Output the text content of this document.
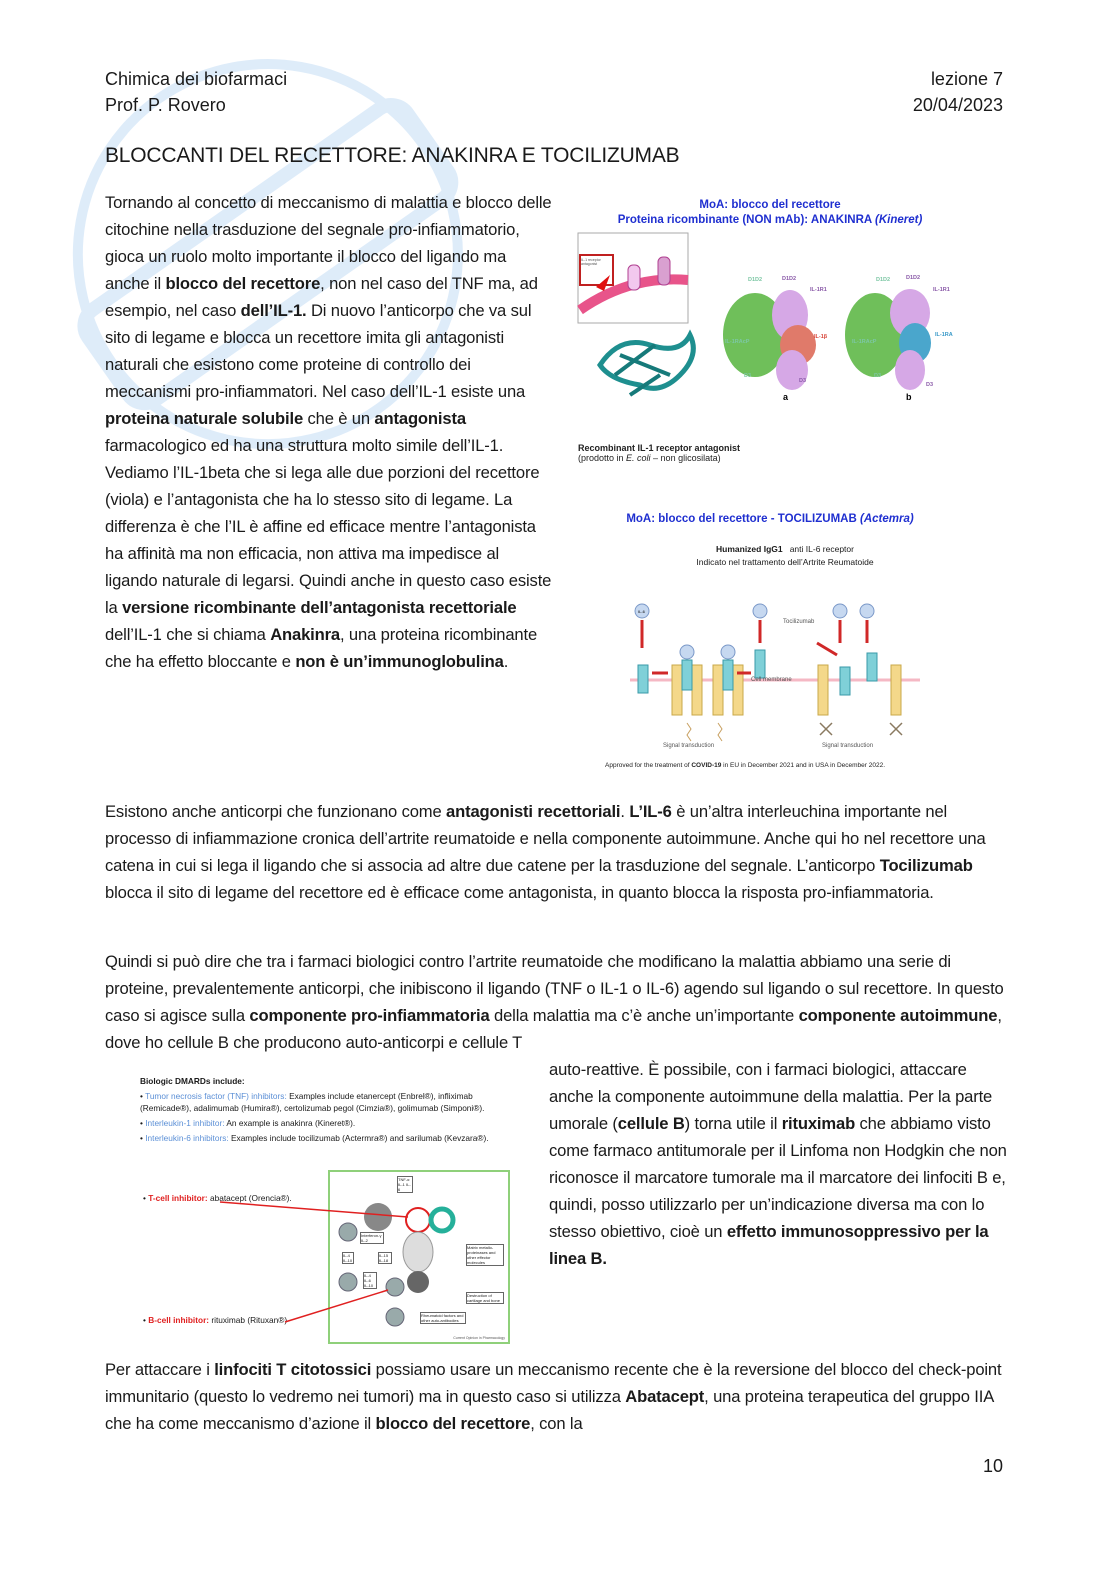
Chimica dei biofarmaci
Prof. P. Rovero
lezione 7
20/04/2023
BLOCCANTI DEL RECETTORE: ANAKINRA E TOCILIZUMAB

Tornando al concetto di meccanismo di malattia e blocco delle citochine nella trasduzione del segnale pro-infiammatorio, gioca un ruolo molto importante il blocco del ligando ma anche il blocco del recettore, non nel caso del TNF ma, ad esempio, nel caso dell’IL-1. Di nuovo l’anticorpo che va sul sito di legame e blocca un recettore imita gli antagonisti naturali che esistono come proteine di controllo dei meccanismi pro-infiammatori. Nel caso dell’IL-1 esiste una proteina naturale solubile che è un antagonista farmacologico ed ha una struttura molto simile dell’IL-1. Vediamo l’IL-1beta che si lega alle due porzioni del recettore (viola) e l’antagonista che ha lo stesso sito di legame. La differenza è che l’IL è affine ed efficace mentre l’antagonista ha affinità ma non efficacia, non attiva ma impedisce al ligando naturale di legarsi. Quindi anche in questo caso esiste la versione ricombinante dell’antagonista recettoriale dell’IL-1 che si chiama Anakinra, una proteina ricombinante che ha effetto bloccante e non è un’immunoglobulina.

MoA: blocco del recettore
Proteina ricombinante (NON mAb): ANAKINRA (Kineret)
a	b
IL-1 receptor antagonist
D1D2	D1D2
IL-1R1
IL-1β
IL-1RAcP
D3
D3
D1D2	D1D2
IL-1R1
IL-1RA
IL-1RAcP
D3
D3
Recombinant IL-1 receptor antagonist
(prodotto in E. coli – non glicosilata)
MoA: blocco del recettore - TOCILIZUMAB (Actemra)
Humanized IgG1 anti IL-6 receptor
Indicato nel trattamento dell’Artrite Reumatoide
IL-6
Tocilizumab
Cell membrane
Signal transduction	Signal transduction
Approved for the treatment of COVID-19 in EU in December 2021 and in USA in December 2022.

Esistono anche anticorpi che funzionano come antagonisti recettoriali. L’IL-6 è un’altra interleuchina importante nel processo di infiammazione cronica dell’artrite reumatoide e nella componente autoimmune. Anche qui ho nel recettore una catena in cui si lega il ligando che si associa ad altre due catene per la trasduzione del segnale. L’anticorpo Tocilizumab blocca il sito di legame del recettore ed è efficace come antagonista, in quanto blocca la risposta pro-infiammatoria.

Quindi si può dire che tra i farmaci biologici contro l’artrite reumatoide che modificano la malattia abbiamo una serie di proteine, prevalentemente anticorpi, che inibiscono il ligando (TNF o IL-1 o IL-6) agendo sul ligando o sul recettore. In questo caso si agisce sulla componente pro-infiammatoria della malattia ma c’è anche un’importante componente autoimmune, dove ho cellule B che producono auto-anticorpi e cellule T

Biologic DMARDs include:
• Tumor necrosis factor (TNF) inhibitors: Examples include etanercept (Enbrel®), infliximab (Remicade®), adalimumab (Humira®), certolizumab pegol (Cimzia®), golimumab (Simponi®).
• Interleukin-1 inhibitor: An example is anakinra (Kineret®).
• Interleukin-6 inhibitors: Examples include tocilizumab (Actermra®) and sarilumab (Kevzara®).
• T-cell inhibitor: abatacept (Orencia®).
• B-cell inhibitor: rituximab (Rituxan®)
TNF-α IL-1 IL-6
Interferon-γ IL-2
IL-4 IL-10
IL-15 IL-18
IL-4 IL-6 IL-10
Matrix metallo-proteinases and other effector molecules
Destruction of cartilage and bone
Rheumatoid factors and other auto-antibodies
Current Opinion in Pharmacology

auto-reattive. È possibile, con i farmaci biologici, attaccare anche la componente autoimmune della malattia. Per la parte umorale (cellule B) torna utile il rituximab che abbiamo visto come farmaco antitumorale per il Linfoma non Hodgkin che non riconosce il marcatore tumorale ma il marcatore dei linfociti B e, quindi, posso utilizzarlo per un’indicazione diversa ma con lo stesso obiettivo, cioè un effetto immunosoppressivo per la linea B.

Per attaccare i linfociti T citotossici possiamo usare un meccanismo recente che è la reversione del blocco del check-point immunitario (questo lo vedremo nei tumori) ma in questo caso si utilizza Abatacept, una proteina terapeutica del gruppo IIA che ha come meccanismo d’azione il blocco del recettore, con la

10
